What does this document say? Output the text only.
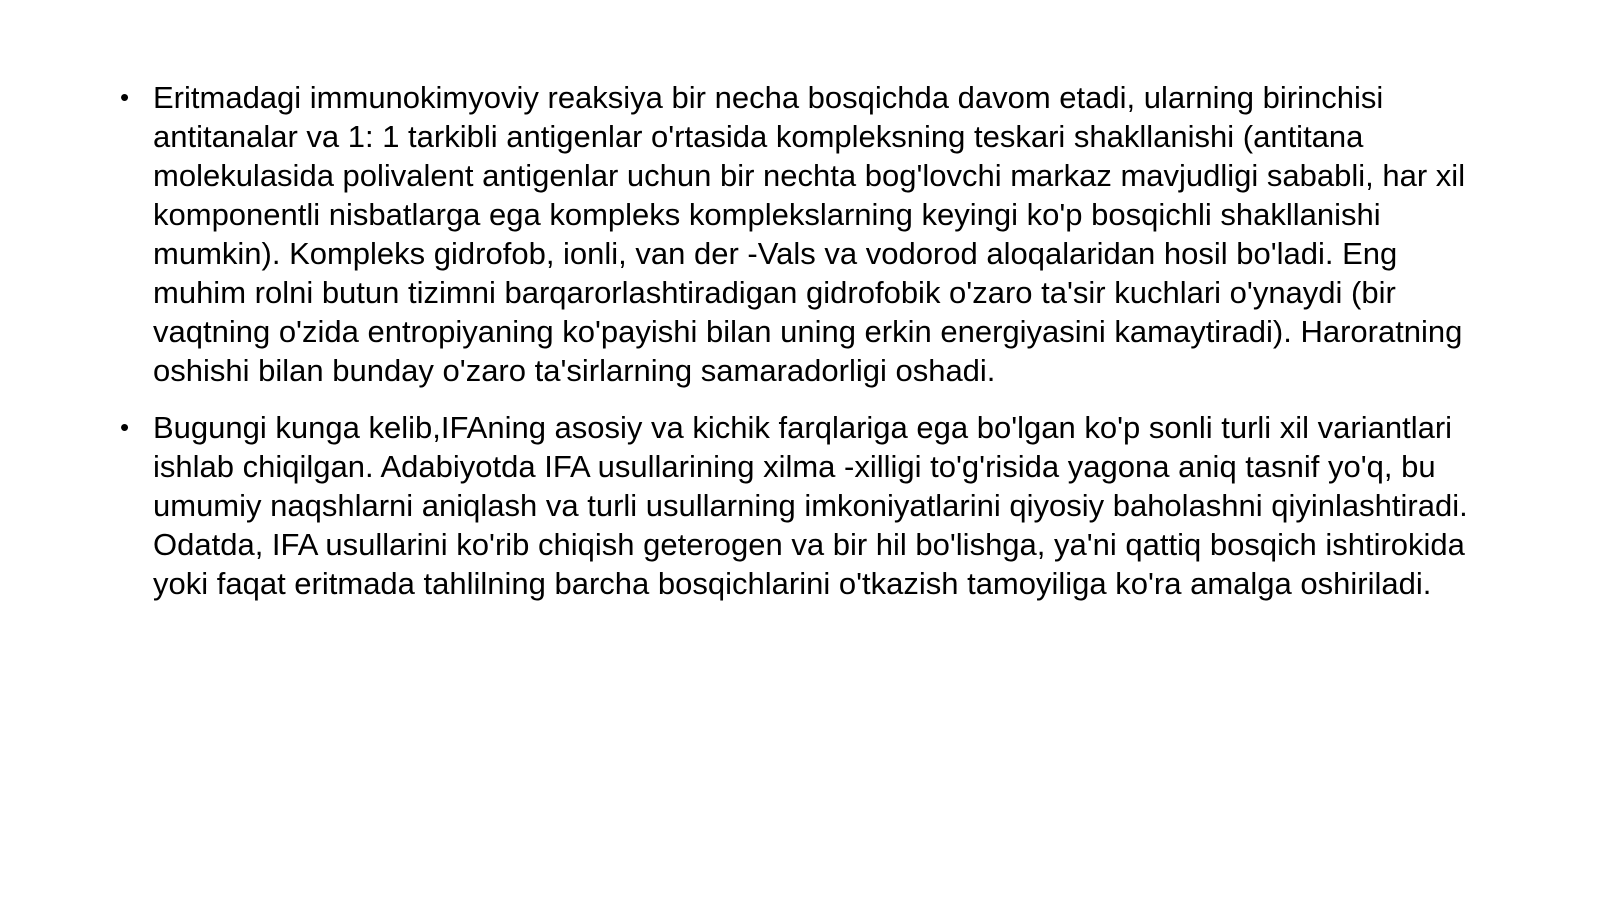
• Eritmadagi immunokimyoviy reaksiya bir necha bosqichda davom etadi, ularning birinchisi antitanalar va 1: 1 tarkibli antigenlar o'rtasida kompleksning teskari shakllanishi (antitana molekulasida polivalent antigenlar uchun bir nechta bog'lovchi markaz mavjudligi sababli, har xil komponentli nisbatlarga ega kompleks komplekslarning keyingi ko'p bosqichli shakllanishi mumkin). Kompleks gidrofob, ionli, van der -Vals va vodorod aloqalaridan hosil bo'ladi. Eng muhim rolni butun tizimni barqarorlashtiradigan gidrofobik o'zaro ta'sir kuchlari o'ynaydi (bir vaqtning o'zida entropiyaning ko'payishi bilan uning erkin energiyasini kamaytiradi). Haroratning oshishi bilan bunday o'zaro ta'sirlarning samaradorligi oshadi.
• Bugungi kunga kelib,IFAning asosiy va kichik farqlariga ega bo'lgan ko'p sonli turli xil variantlari ishlab chiqilgan. Adabiyotda IFA usullarining xilma -xilligi to'g'risida yagona aniq tasnif yo'q, bu umumiy naqshlarni aniqlash va turli usullarning imkoniyatlarini qiyosiy baholashni qiyinlashtiradi. Odatda, IFA usullarini ko'rib chiqish geterogen va bir hil bo'lishga, ya'ni qattiq bosqich ishtirokida yoki faqat eritmada tahlilning barcha bosqichlarini o'tkazish tamoyiliga ko'ra amalga oshiriladi.
